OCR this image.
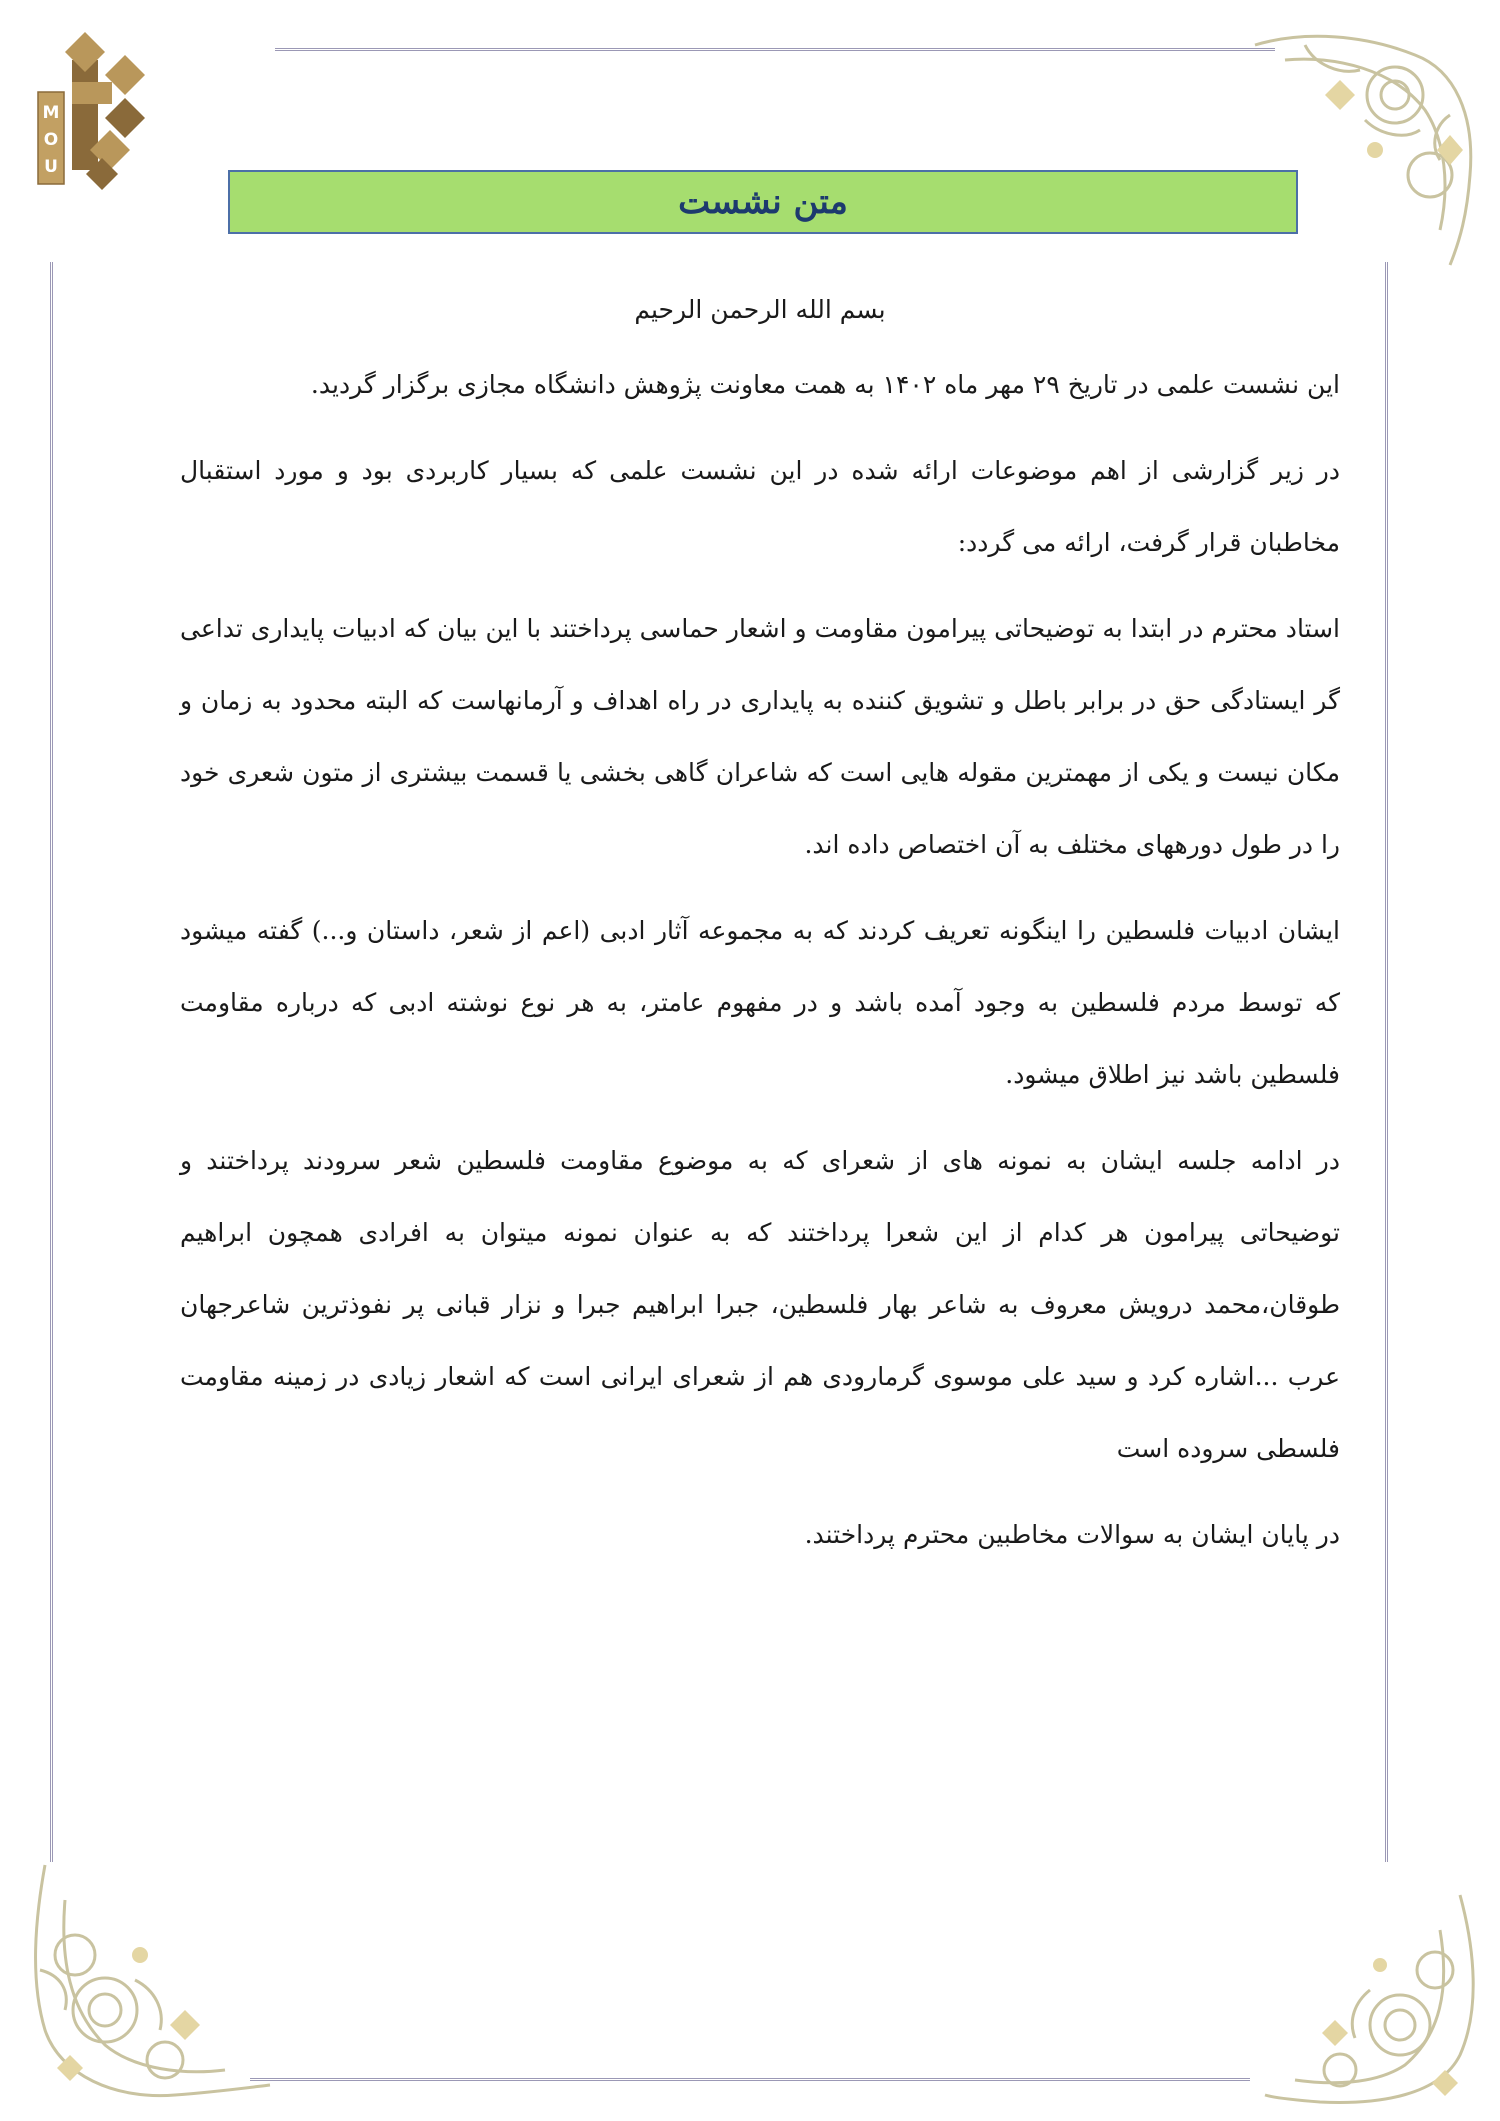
M
O
U
متن نشست

بسم الله الرحمن الرحیم

این نشست علمی در تاریخ ۲۹ مهر ماه ۱۴۰۲ به همت معاونت پژوهش دانشگاه مجازی برگزار گردید.

در زیر گزارشی از اهم موضوعات ارائه شده در این نشست علمی که بسیار کاربردی بود و مورد استقبال مخاطبان قرار گرفت، ارائه می گردد:

استاد محترم در ابتدا به توضیحاتی پیرامون مقاومت و اشعار حماسی پرداختند با این بیان که ادبیات پایداری تداعی گر ایستادگی حق در برابر باطل و تشویق کننده به پایداری در راه اهداف و آرمانهاست که البته محدود به زمان و مکان نیست و یکی از مهمترین مقوله هایی است که شاعران گاهی بخشی یا قسمت بیشتری از متون شعری خود را در طول دورههای مختلف به آن اختصاص داده اند.

ایشان ادبیات فلسطین را اینگونه تعریف کردند که به مجموعه آثار ادبی (اعم از شعر، داستان و...) گفته میشود که توسط مردم فلسطین به وجود آمده باشد و در مفهوم عامتر، به هر نوع نوشته ادبی که درباره مقاومت فلسطین باشد نیز اطلاق میشود.

در ادامه جلسه ایشان به نمونه های از شعرای که به موضوع مقاومت فلسطین شعر سرودند پرداختند و توضیحاتی پیرامون هر کدام از این شعرا پرداختند که به عنوان نمونه میتوان به افرادی همچون ابراهیم طوقان،محمد درویش معروف به شاعر بهار فلسطین، جبرا ابراهیم جبرا و نزار قبانی پر نفوذترین شاعرجهان عرب ...اشاره کرد و سید علی موسوی گرمارودی هم از شعرای ایرانی است که اشعار زیادی در زمینه مقاومت فلسطی سروده است

در پایان ایشان به سوالات مخاطبین محترم پرداختند.
